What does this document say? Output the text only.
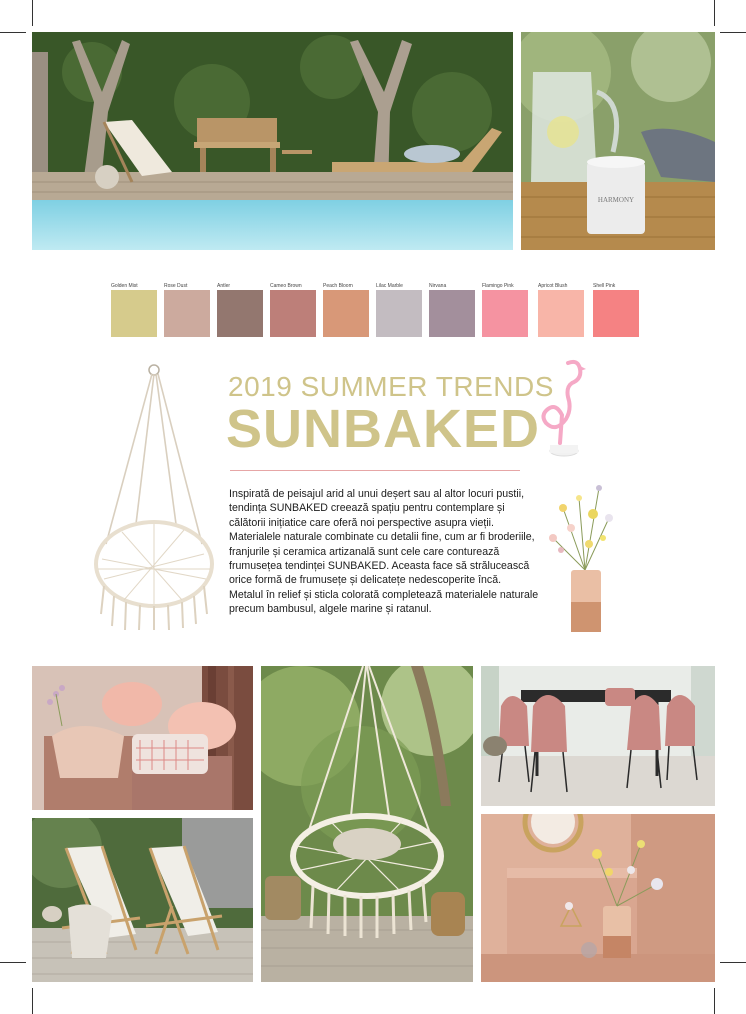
HARMONY
Golden Mist	Rose Dust	Antler	Cameo Brown	Peach Bloom	Lilac Marble	Nirvana	Flamingo Pink	Apricot Blush	Shell Pink
2019 SUMMER TRENDS
SUNBAKED

Inspirată de peisajul arid al unui deșert sau al altor locuri pustii, tendința SUNBAKED creează spațiu pentru contemplare și călătorii inițiatice care oferă noi perspective asupra vieții. Materialele naturale combinate cu detalii fine, cum ar fi broderiile, franjurile și ceramica artizanală sunt cele care conturează frumusețea tendinței SUNBAKED. Aceasta face să strălucească orice formă de frumusețe și delicatețe nedescoperite încă.

Metalul în relief și sticla colorată completează materialele naturale precum bambusul, algele marine și ratanul.
